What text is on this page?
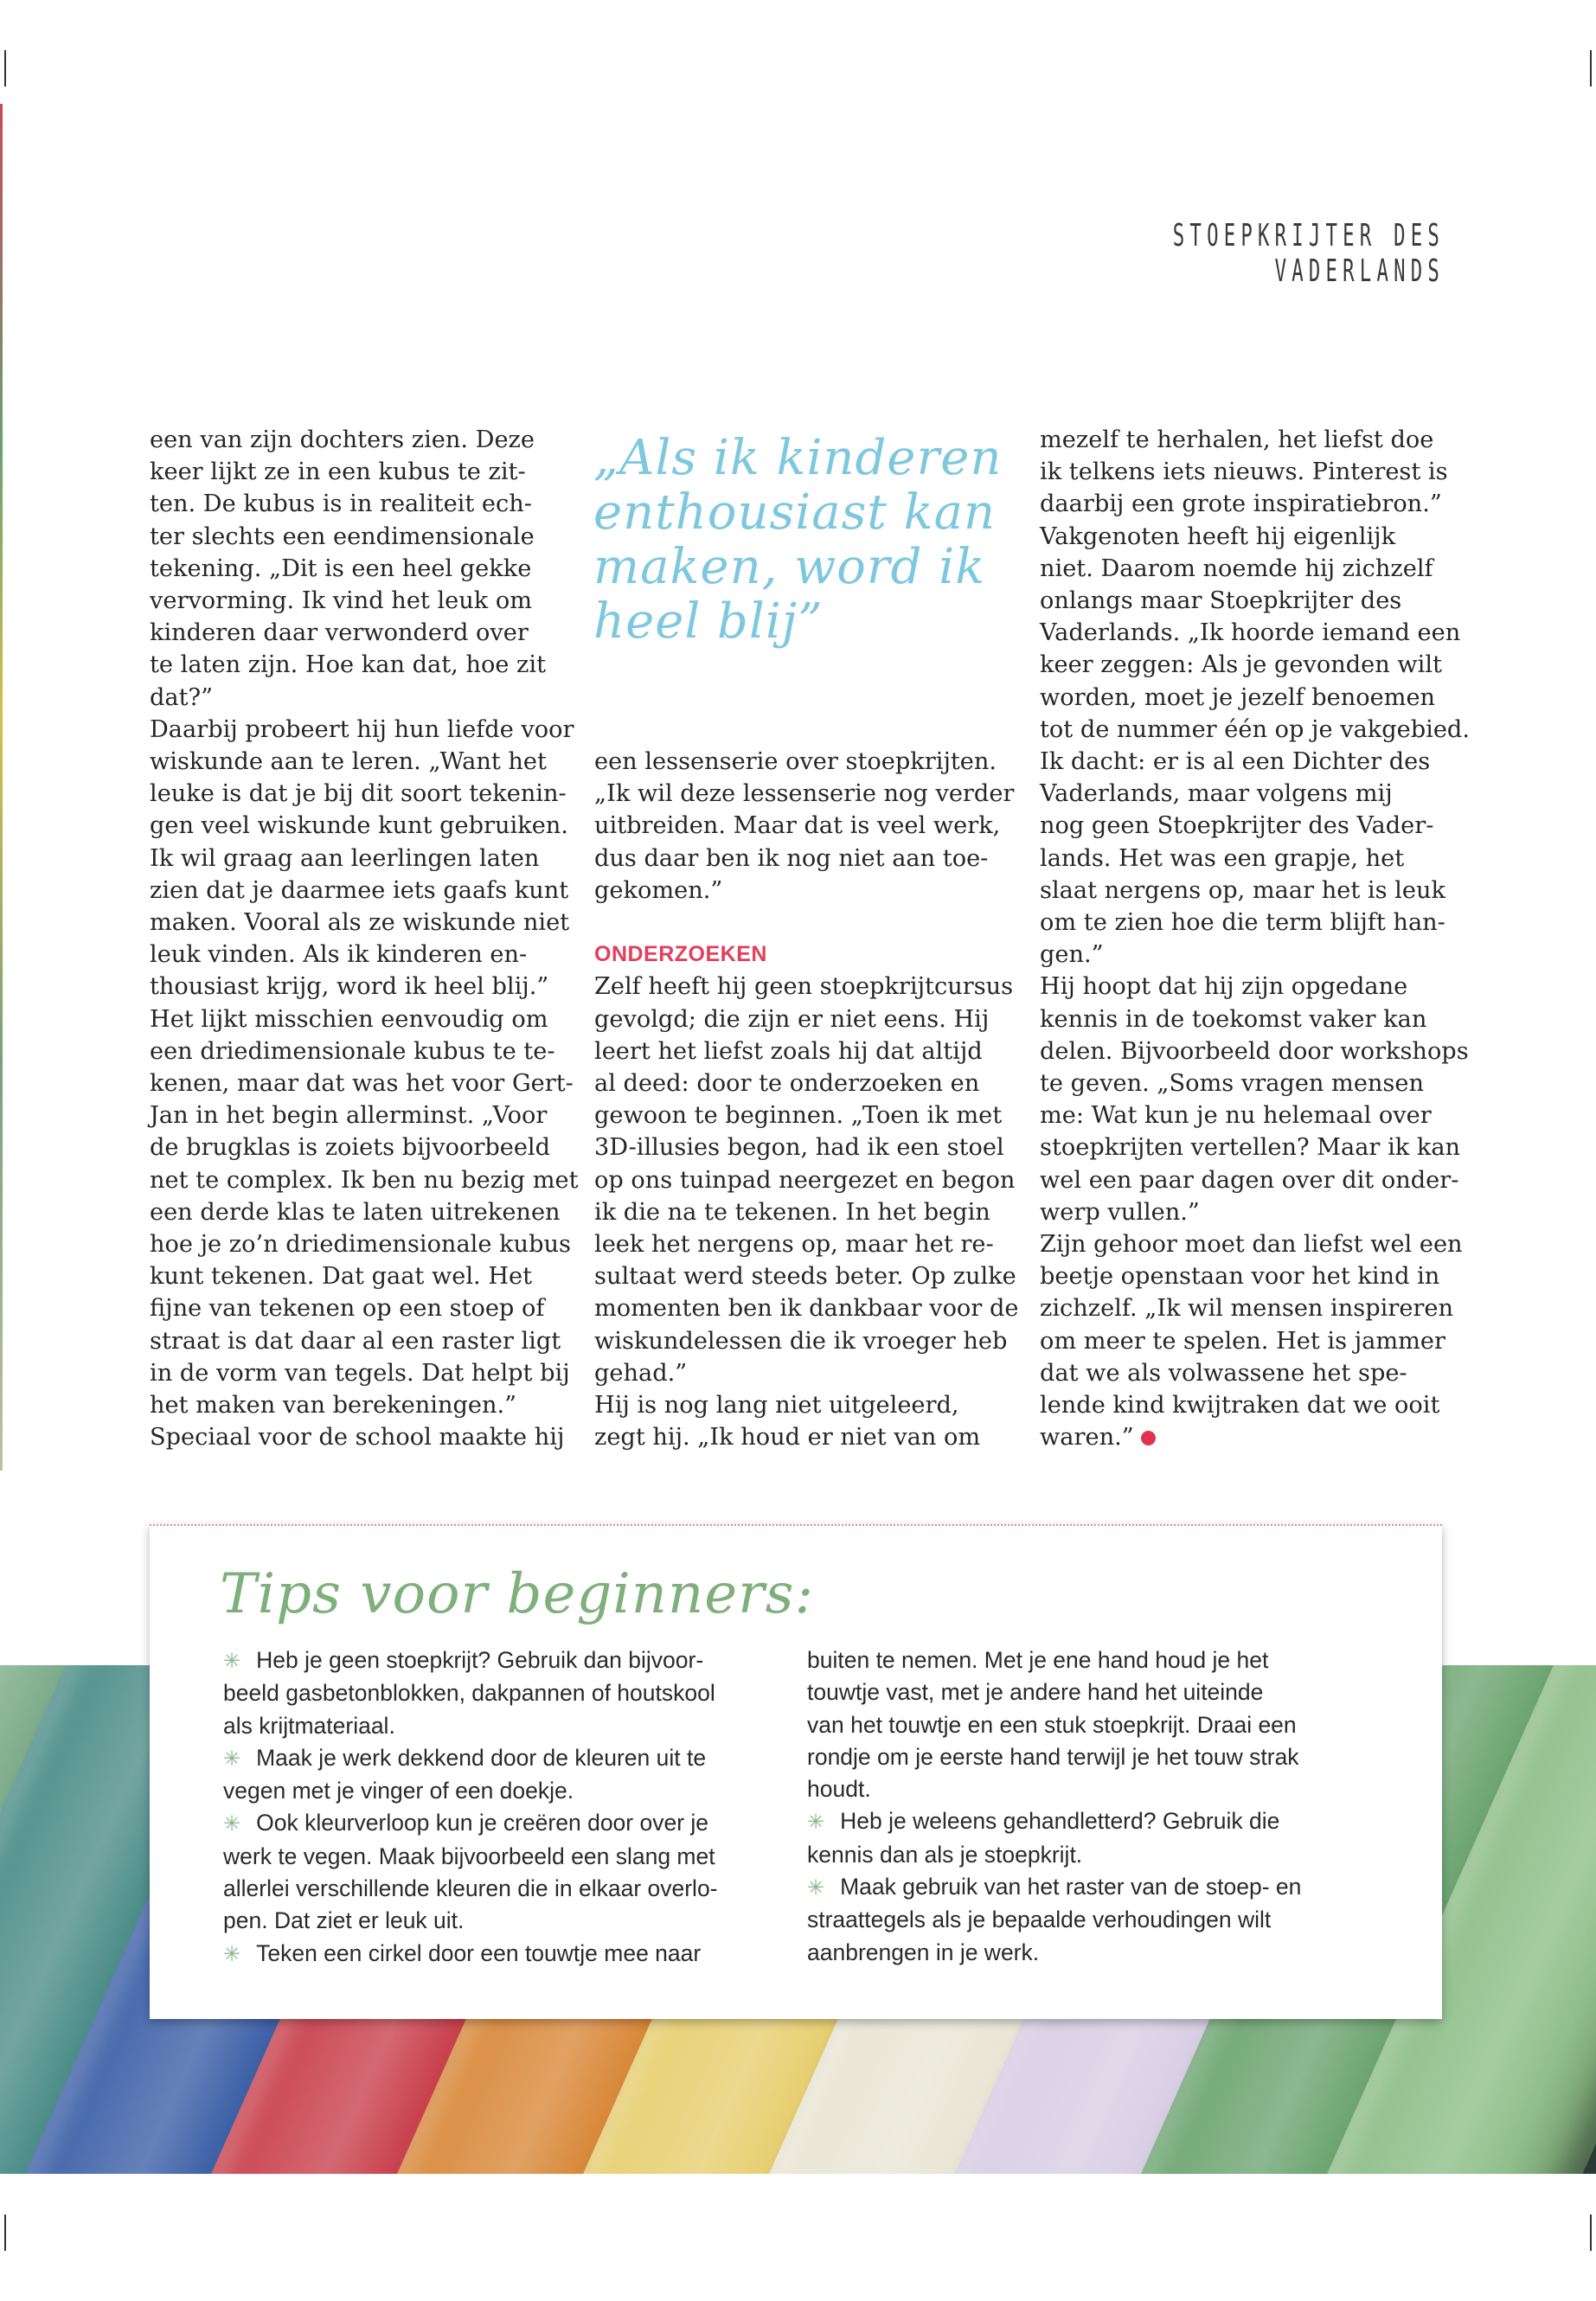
STOEPKRIJTER DES VADERLANDS

een van zijn dochters zien. Deze

keer lijkt ze in een kubus te zit-

ten. De kubus is in realiteit ech-

ter slechts een eendimensionale

tekening. „Dit is een heel gekke

vervorming. Ik vind het leuk om

kinderen daar verwonderd over

te laten zijn. Hoe kan dat, hoe zit

dat?”

Daarbij probeert hij hun liefde voor

wiskunde aan te leren. „Want het

leuke is dat je bij dit soort tekenin-

gen veel wiskunde kunt gebruiken.

Ik wil graag aan leerlingen laten

zien dat je daarmee iets gaafs kunt

maken. Vooral als ze wiskunde niet

leuk vinden. Als ik kinderen en-

thousiast krijg, word ik heel blij.”

Het lijkt misschien eenvoudig om

een driedimensionale kubus te te-

kenen, maar dat was het voor Gert-

Jan in het begin allerminst. „Voor

de brugklas is zoiets bijvoorbeeld

net te complex. Ik ben nu bezig met

een derde klas te laten uitrekenen

hoe je zo’n driedimensionale kubus

kunt tekenen. Dat gaat wel. Het

fijne van tekenen op een stoep of

straat is dat daar al een raster ligt

in de vorm van tegels. Dat helpt bij

het maken van berekeningen.”

Speciaal voor de school maakte hij

„Als ik kinderen

enthousiast kan

maken, word ik

heel blij”

een lessenserie over stoepkrijten.

„Ik wil deze lessenserie nog verder

uitbreiden. Maar dat is veel werk,

dus daar ben ik nog niet aan toe-

gekomen.”

ONDERZOEKEN

Zelf heeft hij geen stoepkrijtcursus

gevolgd; die zijn er niet eens. Hij

leert het liefst zoals hij dat altijd

al deed: door te onderzoeken en

gewoon te beginnen. „Toen ik met

3D-illusies begon, had ik een stoel

op ons tuinpad neergezet en begon

ik die na te tekenen. In het begin

leek het nergens op, maar het re-

sultaat werd steeds beter. Op zulke

momenten ben ik dankbaar voor de

wiskundelessen die ik vroeger heb

gehad.”

Hij is nog lang niet uitgeleerd,

zegt hij. „Ik houd er niet van om

mezelf te herhalen, het liefst doe

ik telkens iets nieuws. Pinterest is

daarbij een grote inspiratiebron.”

Vakgenoten heeft hij eigenlijk

niet. Daarom noemde hij zichzelf

onlangs maar Stoepkrijter des

Vaderlands. „Ik hoorde iemand een

keer zeggen: Als je gevonden wilt

worden, moet je jezelf benoemen

tot de nummer één op je vakgebied.

Ik dacht: er is al een Dichter des

Vaderlands, maar volgens mij

nog geen Stoepkrijter des Vader-

lands. Het was een grapje, het

slaat nergens op, maar het is leuk

om te zien hoe die term blijft han-

gen.”

Hij hoopt dat hij zijn opgedane

kennis in de toekomst vaker kan

delen. Bijvoorbeeld door workshops

te geven. „Soms vragen mensen

me: Wat kun je nu helemaal over

stoepkrijten vertellen? Maar ik kan

wel een paar dagen over dit onder-

werp vullen.”

Zijn gehoor moet dan liefst wel een

beetje openstaan voor het kind in

zichzelf. „Ik wil mensen inspireren

om meer te spelen. Het is jammer

dat we als volwassene het spe-

lende kind kwijtraken dat we ooit

waren.”

Tips voor beginners:

✳ Heb je geen stoepkrijt? Gebruik dan bijvoor-

beeld gasbetonblokken, dakpannen of houtskool

als krijtmateriaal.

✳ Maak je werk dekkend door de kleuren uit te

vegen met je vinger of een doekje.

✳ Ook kleurverloop kun je creëren door over je

werk te vegen. Maak bijvoorbeeld een slang met

allerlei verschillende kleuren die in elkaar overlo-

pen. Dat ziet er leuk uit.

✳ Teken een cirkel door een touwtje mee naar

buiten te nemen. Met je ene hand houd je het

touwtje vast, met je andere hand het uiteinde

van het touwtje en een stuk stoepkrijt. Draai een

rondje om je eerste hand terwijl je het touw strak

houdt.

✳ Heb je weleens gehandletterd? Gebruik die

kennis dan als je stoepkrijt.

✳ Maak gebruik van het raster van de stoep- en

straattegels als je bepaalde verhoudingen wilt

aanbrengen in je werk.
